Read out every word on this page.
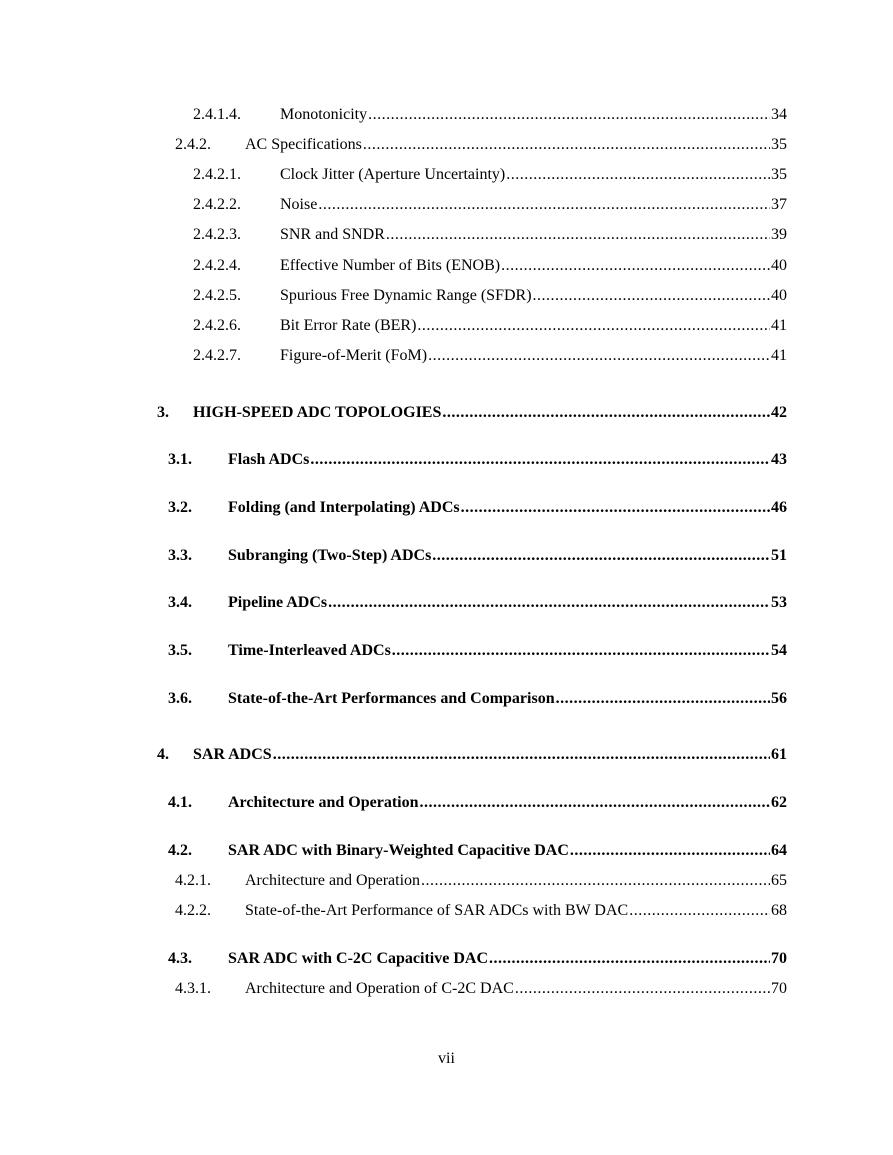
2.4.1.4.	Monotonicity .....	34
2.4.2.	AC Specifications .....	35
2.4.2.1.	Clock Jitter (Aperture Uncertainty) .....	35
2.4.2.2.	Noise .....	37
2.4.2.3.	SNR and SNDR .....	39
2.4.2.4.	Effective Number of Bits (ENOB) .....	40
2.4.2.5.	Spurious Free Dynamic Range (SFDR) .....	40
2.4.2.6.	Bit Error Rate (BER) .....	41
2.4.2.7.	Figure-of-Merit (FoM) .....	41
3.	HIGH-SPEED ADC TOPOLOGIES .....	42
3.1.	Flash ADCs .....	43
3.2.	Folding (and Interpolating) ADCs .....	46
3.3.	Subranging (Two-Step) ADCs .....	51
3.4.	Pipeline ADCs .....	53
3.5.	Time-Interleaved ADCs .....	54
3.6.	State-of-the-Art Performances and Comparison .....	56
4.	SAR ADCS .....	61
4.1.	Architecture and Operation .....	62
4.2.	SAR ADC with Binary-Weighted Capacitive DAC .....	64
4.2.1.	Architecture and Operation .....	65
4.2.2.	State-of-the-Art Performance of SAR ADCs with BW DAC .....	68
4.3.	SAR ADC with C-2C Capacitive DAC .....	70
4.3.1.	Architecture and Operation of C-2C DAC .....	70
vii
